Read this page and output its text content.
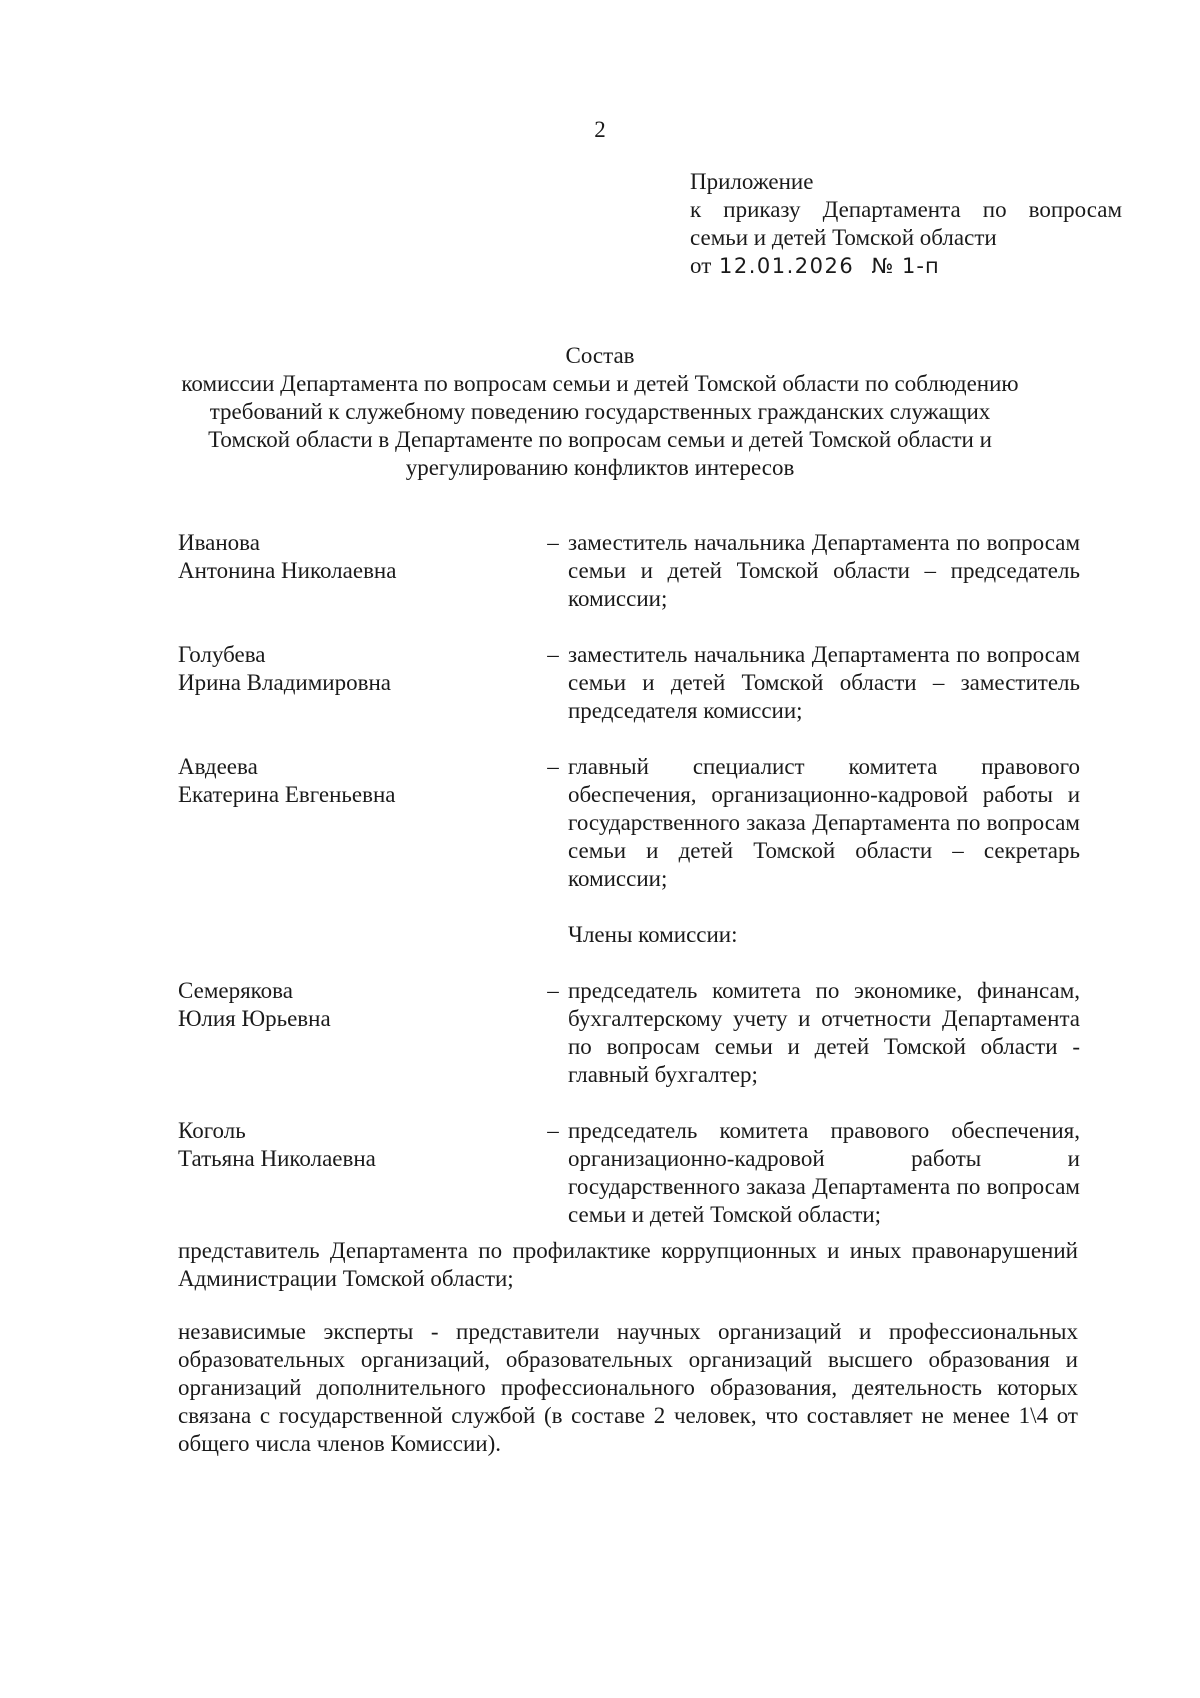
2
Приложение
к приказу Департамента по вопросам
семьи и детей Томской области
от 12.01.2026 № 1-п
Состав
комиссии Департамента по вопросам семьи и детей Томской области по соблюдению
требований к служебному поведению государственных гражданских служащих
Томской области в Департаменте по вопросам семьи и детей Томской области и
урегулированию конфликтов интересов
Иванова
Антонина Николаевна
– заместитель начальника Департамента по вопросам семьи и детей Томской области – председатель комиссии;
Голубева
Ирина Владимировна
– заместитель начальника Департамента по вопросам семьи и детей Томской области – заместитель председателя комиссии;
Авдеева
Екатерина Евгеньевна
– главный специалист комитета правового обеспечения, организационно-кадровой работы и государственного заказа Департамента по вопросам семьи и детей Томской области – секретарь комиссии;
Члены комиссии:
Семерякова
Юлия Юрьевна
– председатель комитета по экономике, финансам, бухгалтерскому учету и отчетности Департамента по вопросам семьи и детей Томской области - главный бухгалтер;
Коголь
Татьяна Николаевна
– председатель комитета правового обеспечения, организационно-кадровой работы и государственного заказа Департамента по вопросам семьи и детей Томской области;
представитель Департамента по профилактике коррупционных и иных правонарушений Администрации Томской области;
независимые эксперты - представители научных организаций и профессиональных образовательных организаций, образовательных организаций высшего образования и организаций дополнительного профессионального образования, деятельность которых связана с государственной службой (в составе 2 человек, что составляет не менее 1\4 от общего числа членов Комиссии).
